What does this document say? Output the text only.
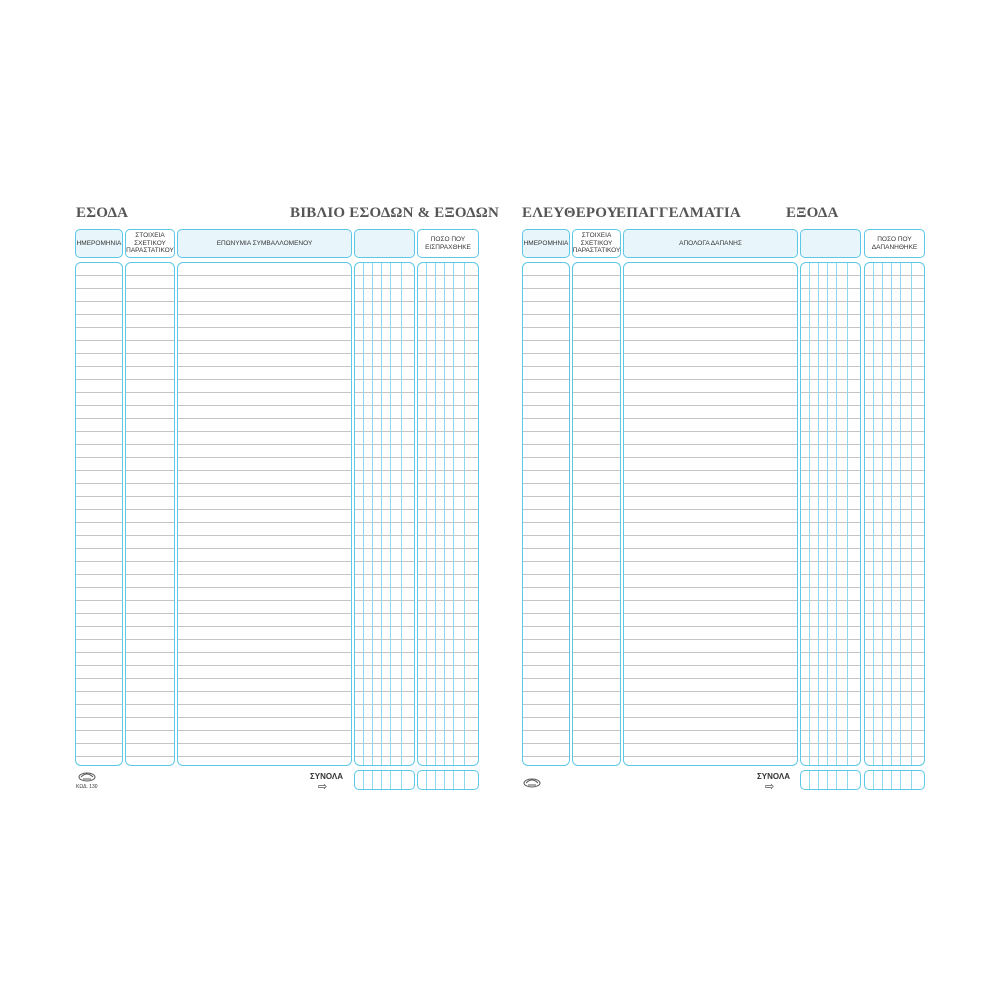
ΕΣΟΔΑ	ΒΙΒΛΙΟ ΕΣΟΔΩΝ & ΕΞΟΔΩΝ
ΗΜΕΡΟΜΗΝΙΑ
ΣΤΟΙΧΕΙΑ ΣΧΕΤΙΚΟΥ ΠΑΡΑΣΤΑΤΙΚΟΥ
ΕΠΩΝΥΜΙΑ ΣΥΜΒΑΛΛΟΜΕΝΟΥ
ΠΟΣΟ ΠΟΥ ΕΙΣΠΡΑΧΘΗΚΕ
ΣΥΝΟΛΑ
⇨
ΚΩΔ. 130
ΕΛΕΥΘΕΡΟΥ
ΕΠΑΓΓΕΛΜΑΤΙΑ	ΕΞΟΔΑ
ΗΜΕΡΟΜΗΝΙΑ
ΣΤΟΙΧΕΙΑ ΣΧΕΤΙΚΟΥ ΠΑΡΑΣΤΑΤΙΚΟΥ
ΑΠΟΛΟΓΑ ΔΑΠΑΝΗΣ
ΠΟΣΟ ΠΟΥ ΔΑΠΑΝΗΘΗΚΕ
ΣΥΝΟΛΑ
⇨
